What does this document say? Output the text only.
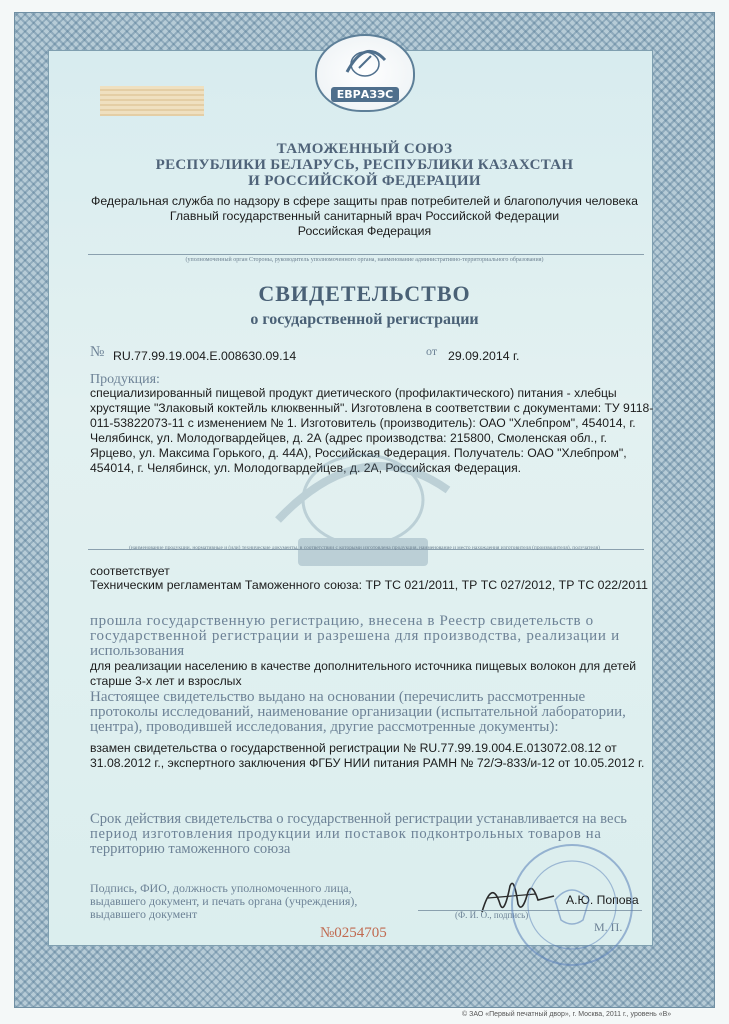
ЕВРАЗЭС
ТАМОЖЕННЫЙ СОЮЗ
РЕСПУБЛИКИ БЕЛАРУСЬ, РЕСПУБЛИКИ КАЗАХСТАН
И РОССИЙСКОЙ ФЕДЕРАЦИИ
Федеральная служба по надзору в сфере защиты прав потребителей и благополучия человека
Главный государственный санитарный врач Российской Федерации
Российская Федерация
(уполномоченный орган Стороны, руководитель уполномоченного органа, наименование административно-территориального образования)
СВИДЕТЕЛЬСТВО
о государственной регистрации
№ RU.77.99.19.004.Е.008630.09.14	от 29.09.2014 г.
Продукция:
специализированный пищевой продукт диетического (профилактического) питания - хлебцы
хрустящие "Злаковый коктейль клюквенный". Изготовлена в соответствии с документами: ТУ 9118-
011-53822073-11 с изменением № 1. Изготовитель (производитель): ОАО "Хлебпром", 454014, г.
Челябинск, ул. Молодогвардейцев, д. 2А (адрес производства: 215800, Смоленская обл., г.
Ярцево, ул. Максима Горького, д. 44А), Российская Федерация. Получатель: ОАО "Хлебпром",
454014, г. Челябинск, ул. Молодогвардейцев, д. 2А, Российская Федерация.
(наименование продукции, нормативные и (или) технические документы, в соответствии с которыми изготовлена продукция, наименование и место нахождения изготовителя (производителя), получателя)
соответствует
Техническим регламентам Таможенного союза: ТР ТС 021/2011, ТР ТС 027/2012, ТР ТС 022/2011
прошла государственную регистрацию, внесена в Реестр свидетельств о
государственной регистрации и разрешена для производства, реализации и
использования
для реализации населению в качестве дополнительного источника пищевых волокон для детей
старше 3-х лет и взрослых
Настоящее свидетельство выдано на основании (перечислить рассмотренные
протоколы исследований, наименование организации (испытательной лаборатории,
центра), проводившей исследования, другие рассмотренные документы):
взамен свидетельства о государственной регистрации № RU.77.99.19.004.Е.013072.08.12 от
31.08.2012 г., экспертного заключения ФГБУ НИИ питания РАМН № 72/Э-833/и-12 от 10.05.2012 г.
Срок действия свидетельства о государственной регистрации устанавливается на весь
период изготовления продукции или поставок подконтрольных товаров на
территорию таможенного союза
Подпись, ФИО, должность уполномоченного лица,
выдавшего документ, и печать органа (учреждения),
выдавшего документ
А.Ю. Попова
(Ф. И. О., подпись)
М. П.
№0254705
© ЗАО «Первый печатный двор», г. Москва, 2011 г., уровень «В»
